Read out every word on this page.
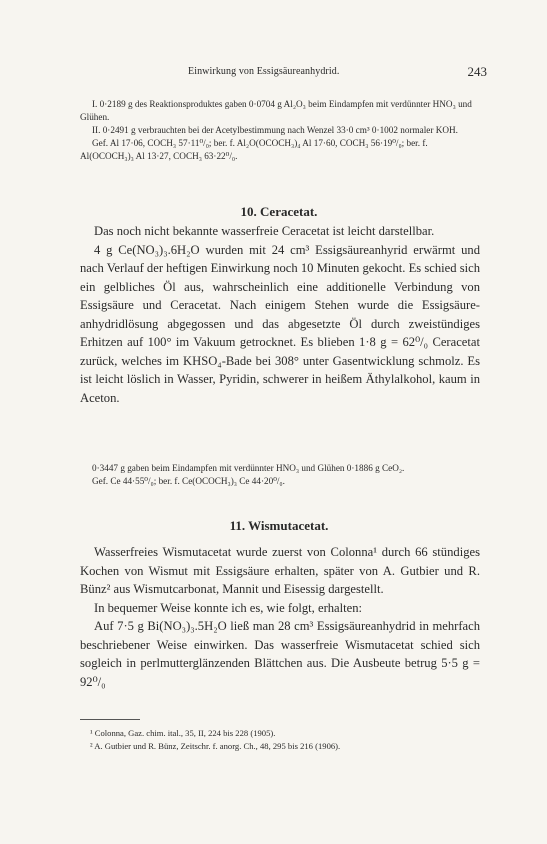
Einwirkung von Essigsäureanhydrid.	243

I. 0·2189 g des Reaktionsproduktes gaben 0·0704 g Al₂O₃ beim Eindampfen mit verdünnter HNO₃ und Glühen.

II. 0·2491 g verbrauchten bei der Acetylbestimmung nach Wenzel 33·0 cm³ 0·1002 normaler KOH.

Gef. Al 17·06, COCH₃ 57·11⁰/₀; ber. f. Al₂O(OCOCH₃)₄ Al 17·60, COCH₃ 56·19⁰/₀; ber. f. Al(OCOCH₃)₃ Al 13·27, COCH₃ 63·22⁰/₀.

10. Ceracetat.

Das noch nicht bekannte wasserfreie Ceracetat ist leicht darstellbar.

4 g Ce(NO₃)₃.6H₂O wurden mit 24 cm³ Essigsäureanhyrid erwärmt und nach Verlauf der heftigen Einwirkung noch 10 Minuten gekocht. Es schied sich ein gelbliches Öl aus, wahrscheinlich eine additionelle Verbindung von Essigsäure und Ceracetat. Nach einigem Stehen wurde die Essigsäureanhydridlösung abgegossen und das abgesetzte Öl durch zweistündiges Erhitzen auf 100° im Vakuum getrocknet. Es blieben 1·8 g = 62⁰/₀ Ceracetat zurück, welches im KHSO₄-Bade bei 308° unter Gasentwicklung schmolz. Es ist leicht löslich in Wasser, Pyridin, schwerer in heißem Äthylalkohol, kaum in Aceton.

0·3447 g gaben beim Eindampfen mit verdünnter HNO₃ und Glühen 0·1886 g CeO₂.

Gef. Ce 44·55⁰/₀; ber. f. Ce(OCOCH₃)₃ Ce 44·20⁰/₀.

11. Wismutacetat.

Wasserfreies Wismutacetat wurde zuerst von Colonna¹ durch 66 stündiges Kochen von Wismut mit Essigsäure erhalten, später von A. Gutbier und R. Bünz² aus Wismutcarbonat, Mannit und Eisessig dargestellt.

In bequemer Weise konnte ich es, wie folgt, erhalten:

Auf 7·5 g Bi(NO₃)₃.5H₂O ließ man 28 cm³ Essigsäureanhydrid in mehrfach beschriebener Weise einwirken. Das wasserfreie Wismutacetat schied sich sogleich in perlmutterglänzenden Blättchen aus. Die Ausbeute betrug 5·5 g = 92⁰/₀

¹ Colonna, Gaz. chim. ital., 35, II, 224 bis 228 (1905).

² A. Gutbier und R. Bünz, Zeitschr. f. anorg. Ch., 48, 295 bis 216 (1906).
